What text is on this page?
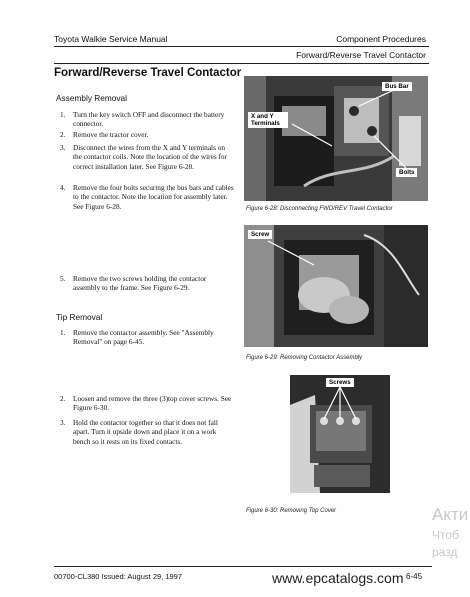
Toyota Walkie Service Manual	Component Procedures
Forward/Reverse Travel Contactor
Forward/Reverse Travel Contactor
Assembly Removal
1. Turn the key switch OFF and disconnect the battery connector.
2. Remove the tractor cover.
3. Disconnect the wires from the X and Y terminals on the contactor coils. Note the location of the wires for correct installation later. See Figure 6-28.
4. Remove the four bolts securing the bus bars and cables to the contactor. Note the location for assembly later. See Figure 6-28.
5. Remove the two screws holding the contactor assembly to the frame. See Figure 6-29.
Tip Removal
1. Remove the contactor assembly. See "Assembly Removal" on page 6-45.
2. Loosen and remove the three (3)top cover screws. See Figure 6-30.
3. Hold the contactor together so that it does not fall apart. Turn it upside down and place it on a work bench so it rests on its fixed contacts.
Bus Bar
X and Y Terminals
Bolts
Figure 6-28: Disconnecting FWD/REV Travel Contactor
Screw
Figure 6-29: Removing Contactor Assembly
Screws
Figure 6-30: Removing Top Cover
00700-CL380 Issued: August 29, 1997	www.epcatalogs.com 6-45
Акти
Чтоб
разд
